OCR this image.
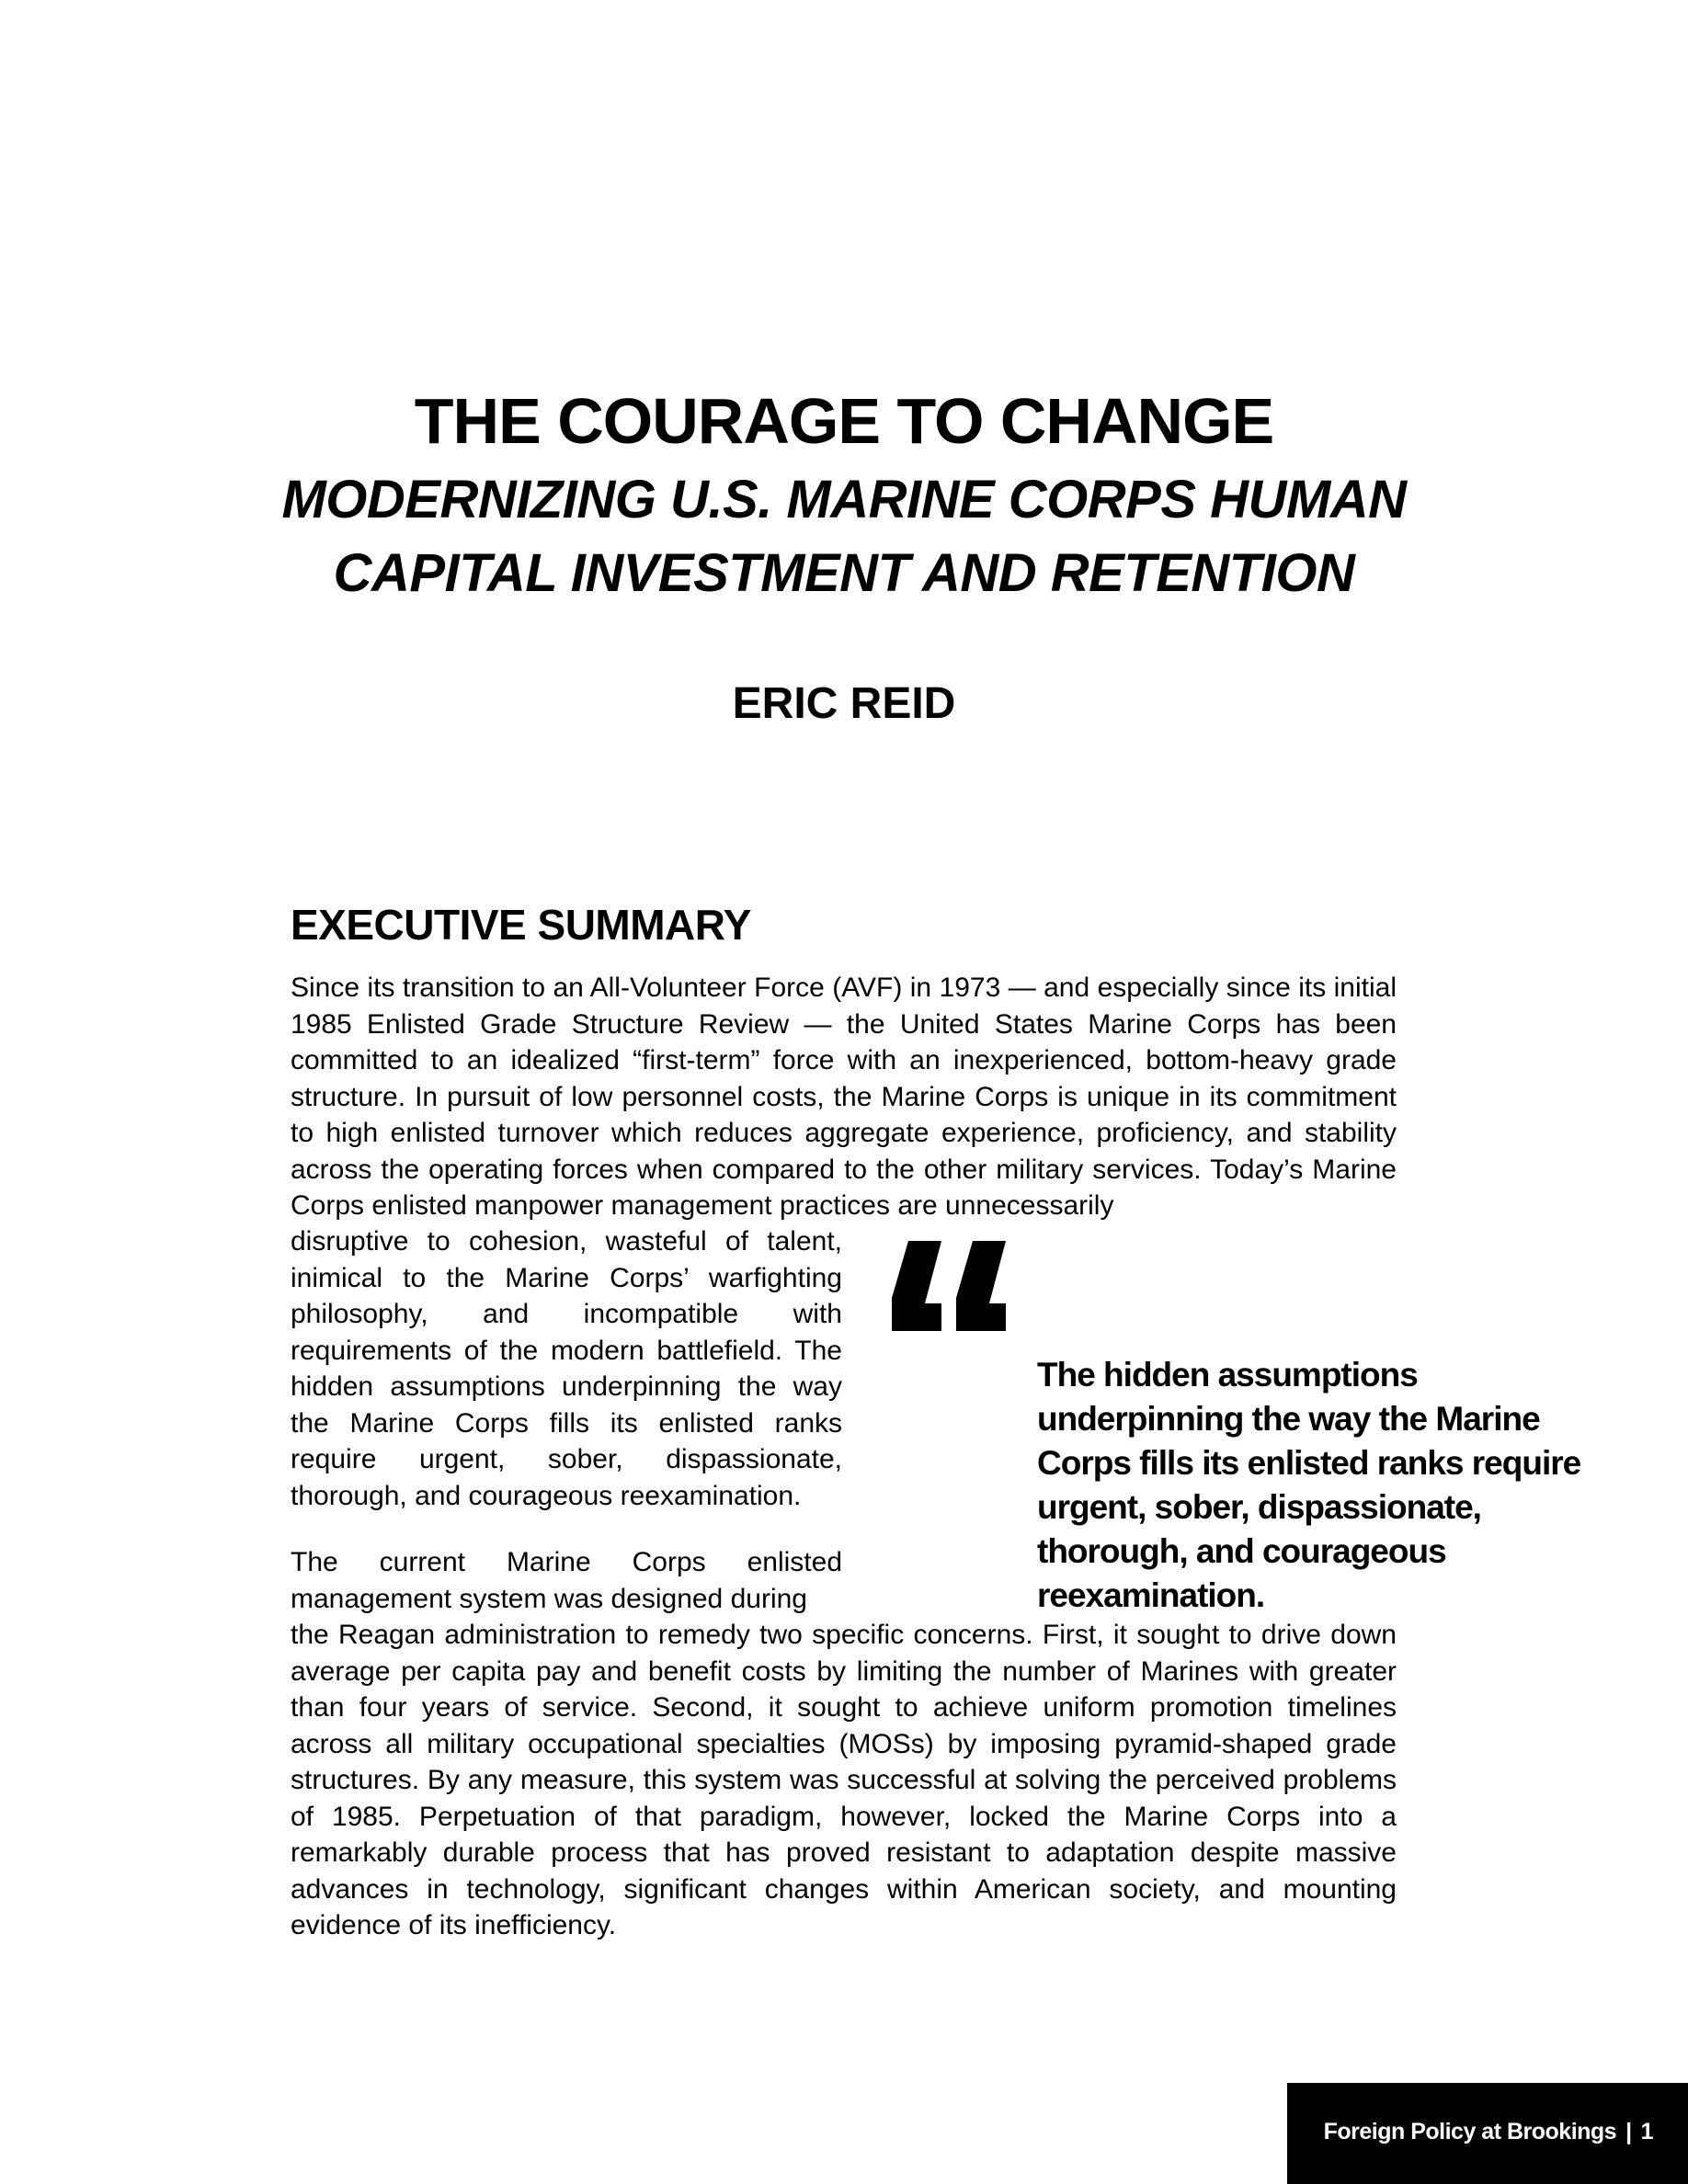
THE COURAGE TO CHANGE
MODERNIZING U.S. MARINE CORPS HUMAN
CAPITAL INVESTMENT AND RETENTION
ERIC REID
EXECUTIVE SUMMARY

Since its transition to an All-Volunteer Force (AVF) in 1973 — and especially since its initial 1985 Enlisted Grade Structure Review — the United States Marine Corps has been committed to an idealized “first-term” force with an inexperienced, bottom-heavy grade structure. In pursuit of low personnel costs, the Marine Corps is unique in its commitment to high enlisted turnover which reduces aggregate experience, proficiency, and stability across the operating forces when compared to the other military services. Today’s Marine Corps enlisted manpower management practices are unnecessarily

disruptive to cohesion, wasteful of talent, inimical to the Marine Corps’ warfighting philosophy, and incompatible with requirements of the modern battlefield. The hidden assumptions underpinning the way the Marine Corps fills its enlisted ranks require urgent, sober, dispassionate, thorough, and courageous reexamination.

The current Marine Corps enlisted management system was designed during

the Reagan administration to remedy two specific concerns. First, it sought to drive down average per capita pay and benefit costs by limiting the number of Marines with greater than four years of service. Second, it sought to achieve uniform promotion timelines across all military occupational specialties (MOSs) by imposing pyramid-shaped grade structures. By any measure, this system was successful at solving the perceived problems of 1985. Perpetuation of that paradigm, however, locked the Marine Corps into a remarkably durable process that has proved resistant to adaptation despite massive advances in technology, significant changes within American society, and mounting evidence of its inefficiency.

The hidden assumptions underpinning the way the Marine Corps fills its enlisted ranks require urgent, sober, dispassionate, thorough, and courageous reexamination.
Foreign Policy at Brookings | 1
